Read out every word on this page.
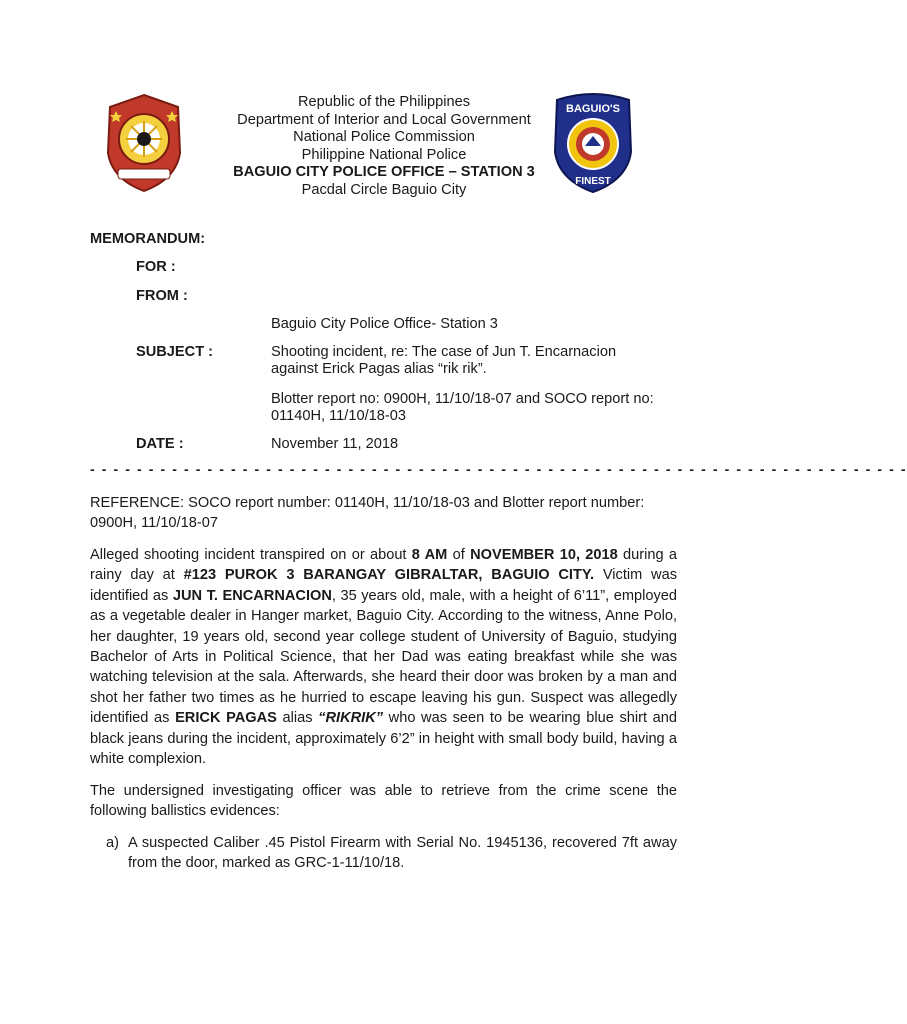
BAGUIO'S
FINEST
Republic of the Philippines
Department of Interior and Local Government
National Police Commission
Philippine National Police
BAGUIO CITY POLICE OFFICE – STATION 3
Pacdal Circle Baguio City
MEMORANDUM:
FOR :
FROM :
Baguio City Police Office- Station 3
SUBJECT :	Shooting incident, re: The case of Jun T. Encarnacion
against Erick Pagas alias “rik rik”.
Blotter report no: 0900H, 11/10/18-07 and SOCO report no:
01140H, 11/10/18-03
DATE :	November 11, 2018
- - - - - - - - - - - - - - - - - - - - - - - - - - - - - - - - - - - - - - - - - - - - - - - - - - - - - - - - - - - - - - - - - - - - - -
REFERENCE: SOCO report number: 01140H, 11/10/18-03 and Blotter report number:
0900H, 11/10/18-07
Alleged shooting incident transpired on or about 8 AM of NOVEMBER 10, 2018 during a rainy day at #123 PUROK 3 BARANGAY GIBRALTAR, BAGUIO CITY. Victim was identified as JUN T. ENCARNACION, 35 years old, male, with a height of 6’11”, employed as a vegetable dealer in Hanger market, Baguio City. According to the witness, Anne Polo, her daughter, 19 years old, second year college student of University of Baguio, studying Bachelor of Arts in Political Science, that her Dad was eating breakfast while she was watching television at the sala. Afterwards, she heard their door was broken by a man and shot her father two times as he hurried to escape leaving his gun. Suspect was allegedly identified as ERICK PAGAS alias “RIKRIK” who was seen to be wearing blue shirt and black jeans during the incident, approximately 6’2” in height with small body build, having a white complexion.
The undersigned investigating officer was able to retrieve from the crime scene the following ballistics evidences:
a) A suspected Caliber .45 Pistol Firearm with Serial No. 1945136, recovered 7ft away from the door, marked as GRC-1-11/10/18.
